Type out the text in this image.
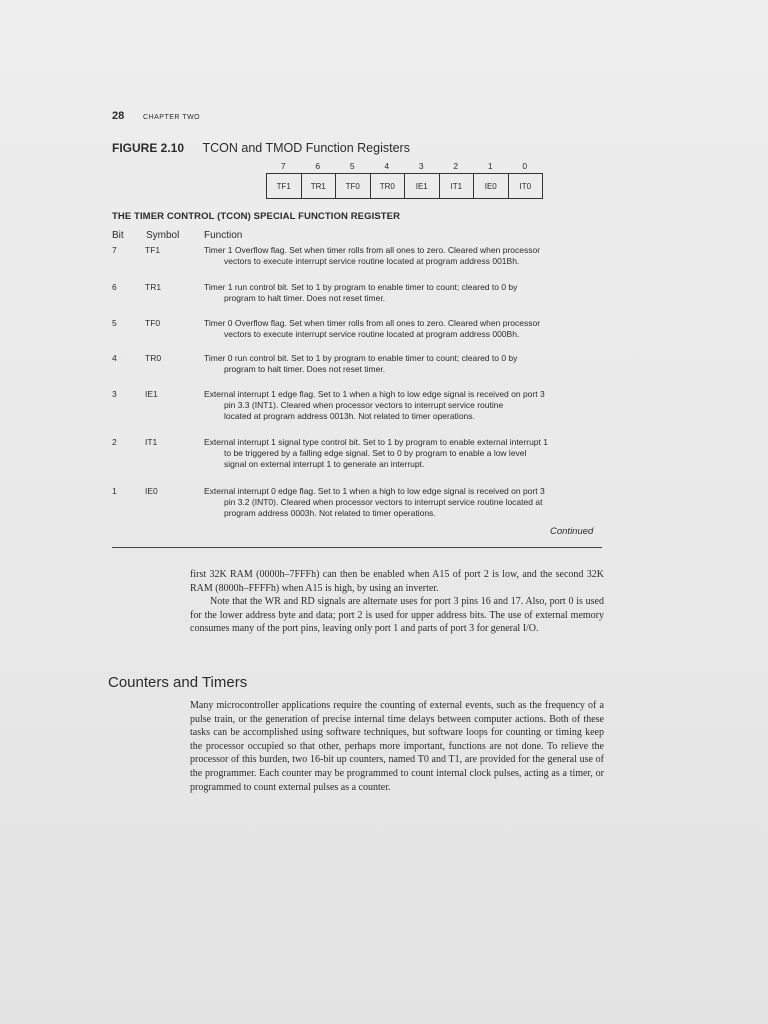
28	CHAPTER TWO
FIGURE 2.10 TCON and TMOD Function Registers
7	6	5	4	3	2	1	0
TF1	TR1	TF0	TR0	IE1	IT1	IE0	IT0
THE TIMER CONTROL (TCON) SPECIAL FUNCTION REGISTER
Bit Symbol Function
7	TF1	Timer 1 Overflow flag. Set when timer rolls from all ones to zero. Cleared when processor
vectors to execute interrupt service routine located at program address 001Bh.
6	TR1	Timer 1 run control bit. Set to 1 by program to enable timer to count; cleared to 0 by
program to halt timer. Does not reset timer.
5	TF0	Timer 0 Overflow flag. Set when timer rolls from all ones to zero. Cleared when processor
vectors to execute interrupt service routine located at program address 000Bh.
4	TR0	Timer 0 run control bit. Set to 1 by program to enable timer to count; cleared to 0 by
program to halt timer. Does not reset timer.
3	IE1	External interrupt 1 edge flag. Set to 1 when a high to low edge signal is received on port 3
pin 3.3 (INT1). Cleared when processor vectors to interrupt service routine
located at program address 0013h. Not related to timer operations.
2	IT1	External interrupt 1 signal type control bit. Set to 1 by program to enable external interrupt 1
to be triggered by a falling edge signal. Set to 0 by program to enable a low level
signal on external interrupt 1 to generate an interrupt.
1	IE0	External interrupt 0 edge flag. Set to 1 when a high to low edge signal is received on port 3
pin 3.2 (INT0). Cleared when processor vectors to interrupt service routine located at
program address 0003h. Not related to timer operations.
Continued

first 32K RAM (0000h–7FFFh) can then be enabled when A15 of port 2 is low, and the second 32K RAM (8000h–FFFFh) when A15 is high, by using an inverter.

Note that the WR and RD signals are alternate uses for port 3 pins 16 and 17. Also, port 0 is used for the lower address byte and data; port 2 is used for upper address bits. The use of external memory consumes many of the port pins, leaving only port 1 and parts of port 3 for general I/O.

Counters and Timers

Many microcontroller applications require the counting of external events, such as the frequency of a pulse train, or the generation of precise internal time delays between computer actions. Both of these tasks can be accomplished using software techniques, but software loops for counting or timing keep the processor occupied so that other, perhaps more important, functions are not done. To relieve the processor of this burden, two 16-bit up counters, named T0 and T1, are provided for the general use of the programmer. Each counter may be programmed to count internal clock pulses, acting as a timer, or programmed to count external pulses as a counter.
